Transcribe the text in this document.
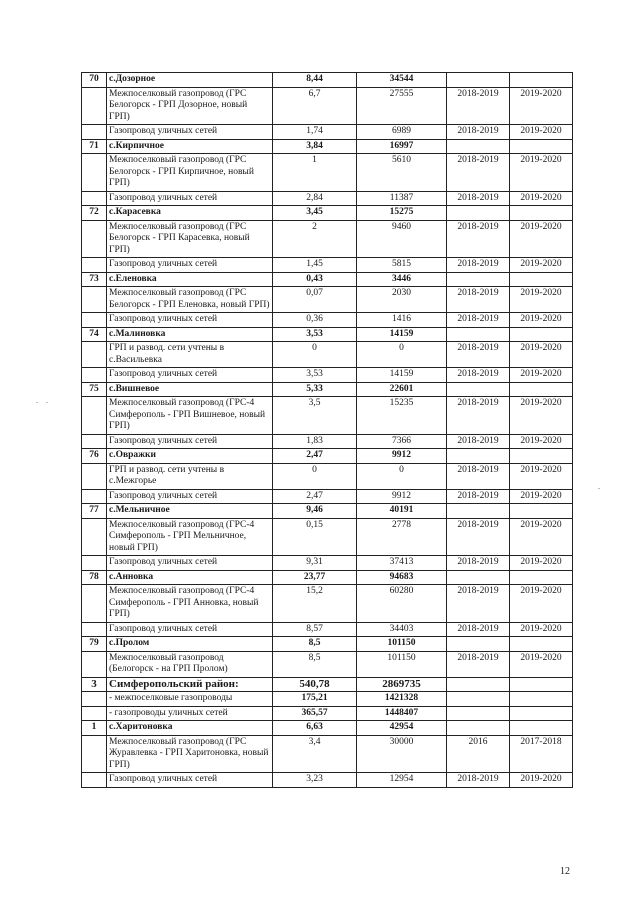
70	с.Дозорное	8,44	34544		
	Межпоселковый газопровод (ГРС Белогорск - ГРП Дозорное, новый ГРП)	6,7	27555	2018-2019	2019-2020
	Газопровод уличных сетей	1,74	6989	2018-2019	2019-2020
71	с.Кирпичное	3,84	16997		
	Межпоселковый газопровод (ГРС Белогорск - ГРП Кирпичное, новый ГРП)	1	5610	2018-2019	2019-2020
	Газопровод уличных сетей	2,84	11387	2018-2019	2019-2020
72	с.Карасевка	3,45	15275		
	Межпоселковый газопровод (ГРС Белогорск - ГРП Карасевка, новый ГРП)	2	9460	2018-2019	2019-2020
	Газопровод уличных сетей	1,45	5815	2018-2019	2019-2020
73	с.Еленовка	0,43	3446		
	Межпоселковый газопровод (ГРС Белогорск - ГРП Еленовка, новый ГРП)	0,07	2030	2018-2019	2019-2020
	Газопровод уличных сетей	0,36	1416	2018-2019	2019-2020
74	с.Малиновка	3,53	14159		
	ГРП и развод. сети учтены в с.Васильевка	0	0	2018-2019	2019-2020
	Газопровод уличных сетей	3,53	14159	2018-2019	2019-2020
75	с.Вишневое	5,33	22601		
	Межпоселковый газопровод (ГРС-4 Симферополь - ГРП Вишневое, новый ГРП)	3,5	15235	2018-2019	2019-2020
	Газопровод уличных сетей	1,83	7366	2018-2019	2019-2020
76	с.Овражки	2,47	9912		
	ГРП и развод. сети учтены в с.Межгорье	0	0	2018-2019	2019-2020
	Газопровод уличных сетей	2,47	9912	2018-2019	2019-2020
77	с.Мельничное	9,46	40191		
	Межпоселковый газопровод (ГРС-4 Симферополь - ГРП Мельничное, новый ГРП)	0,15	2778	2018-2019	2019-2020
	Газопровод уличных сетей	9,31	37413	2018-2019	2019-2020
78	с.Анновка	23,77	94683		
	Межпоселковый газопровод (ГРС-4 Симферополь - ГРП Анновка, новый ГРП)	15,2	60280	2018-2019	2019-2020
	Газопровод уличных сетей	8,57	34403	2018-2019	2019-2020
79	с.Пролом	8,5	101150		
	Межпоселковый газопровод (Белогорск - на ГРП Пролом)	8,5	101150	2018-2019	2019-2020
3	Симферопольский район:	540,78	2869735		
	- межпоселковые газопроводы	175,21	1421328		
	- газопроводы уличных сетей	365,57	1448407		
1	с.Харитоновка	6,63	42954		
	Межпоселковый газопровод (ГРС Журавлевка - ГРП Харитоновка, новый ГРП)	3,4	30000	2016	2017-2018
	Газопровод уличных сетей	3,23	12954	2018-2019	2019-2020
12
